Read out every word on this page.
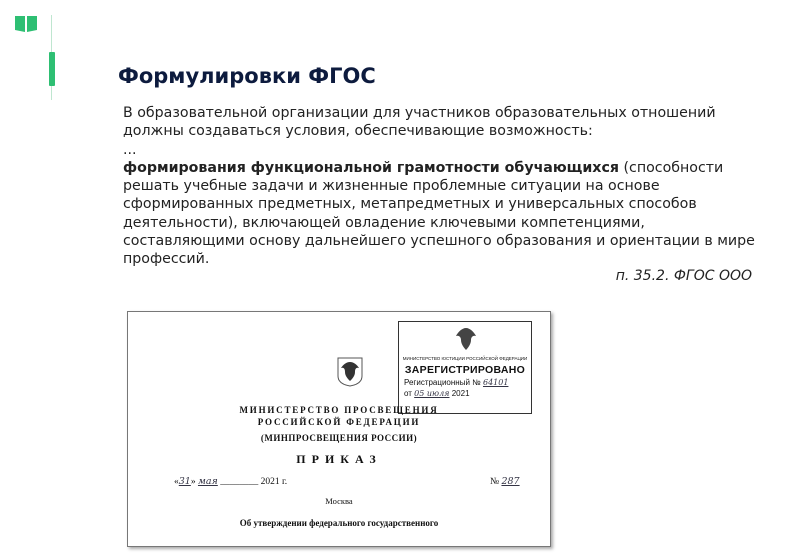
Формулировки ФГОС
В образовательной организации для участников образовательных отношений должны создаваться условия, обеспечивающие возможность:
...
формирования функциональной грамотности обучающихся (способности решать учебные задачи и жизненные проблемные ситуации на основе сформированных предметных, метапредметных и универсальных способов деятельности), включающей овладение ключевыми компетенциями, составляющими основу дальнейшего успешного образования и ориентации в мире профессий.
п. 35.2. ФГОС ООО
МИНИСТЕРСТВО ЮСТИЦИИ РОССИЙСКОЙ ФЕДЕРАЦИИ
ЗАРЕГИСТРИРОВАНО
Регистрационный № 64101
от 05 июля 2021
МИНИСТЕРСТВО ПРОСВЕЩЕНИЯ
РОССИЙСКОЙ ФЕДЕРАЦИИ
(МИНПРОСВЕЩЕНИЯ РОССИИ)
ПРИКАЗ
«31» мая ________ 2021 г.	№ 287
Москва
Об утверждении федерального государственного
